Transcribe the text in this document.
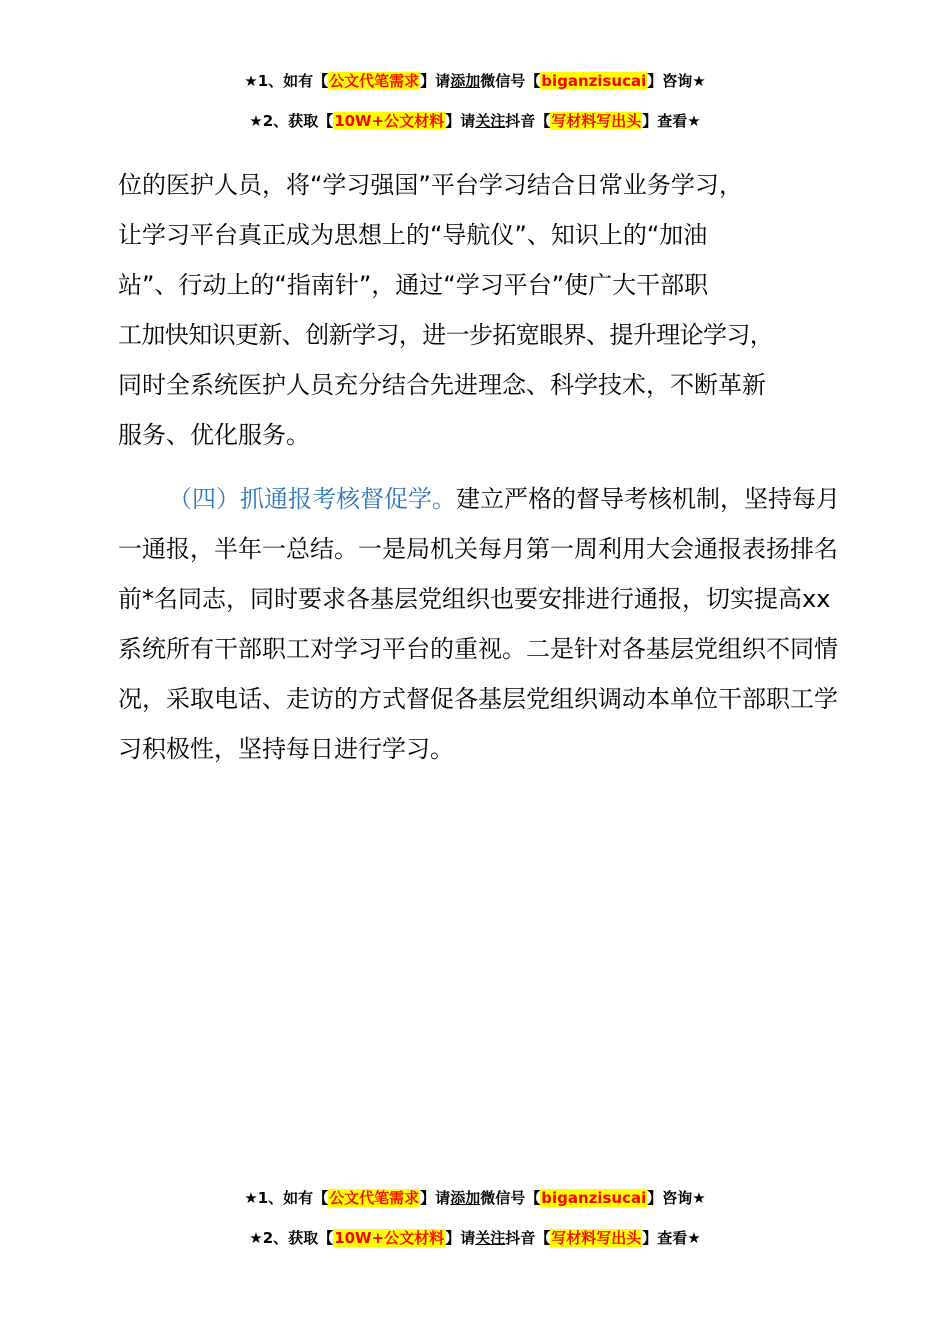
★1、如有【公文代笔需求】请添加微信号【biganzisucai】咨询★
★2、获取【10W+公文材料】请关注抖音【写材料写出头】查看★

位的医护人员，将“学习强国”平台学习结合日常业务学习，
让学习平台真正成为思想上的“导航仪”、知识上的“加油
站”、行动上的“指南针”，通过“学习平台”使广大干部职
工加快知识更新、创新学习，进一步拓宽眼界、提升理论学习，
同时全系统医护人员充分结合先进理念、科学技术，不断革新
服务、优化服务。

（四）抓通报考核督促学。建立严格的督导考核机制，坚持每月一通报，半年一总结。一是局机关每月第一周利用大会通报表扬排名前*名同志，同时要求各基层党组织也要安排进行通报，切实提高xx系统所有干部职工对学习平台的重视。二是针对各基层党组织不同情况，采取电话、走访的方式督促各基层党组织调动本单位干部职工学习积极性，坚持每日进行学习。

★1、如有【公文代笔需求】请添加微信号【biganzisucai】咨询★
★2、获取【10W+公文材料】请关注抖音【写材料写出头】查看★
